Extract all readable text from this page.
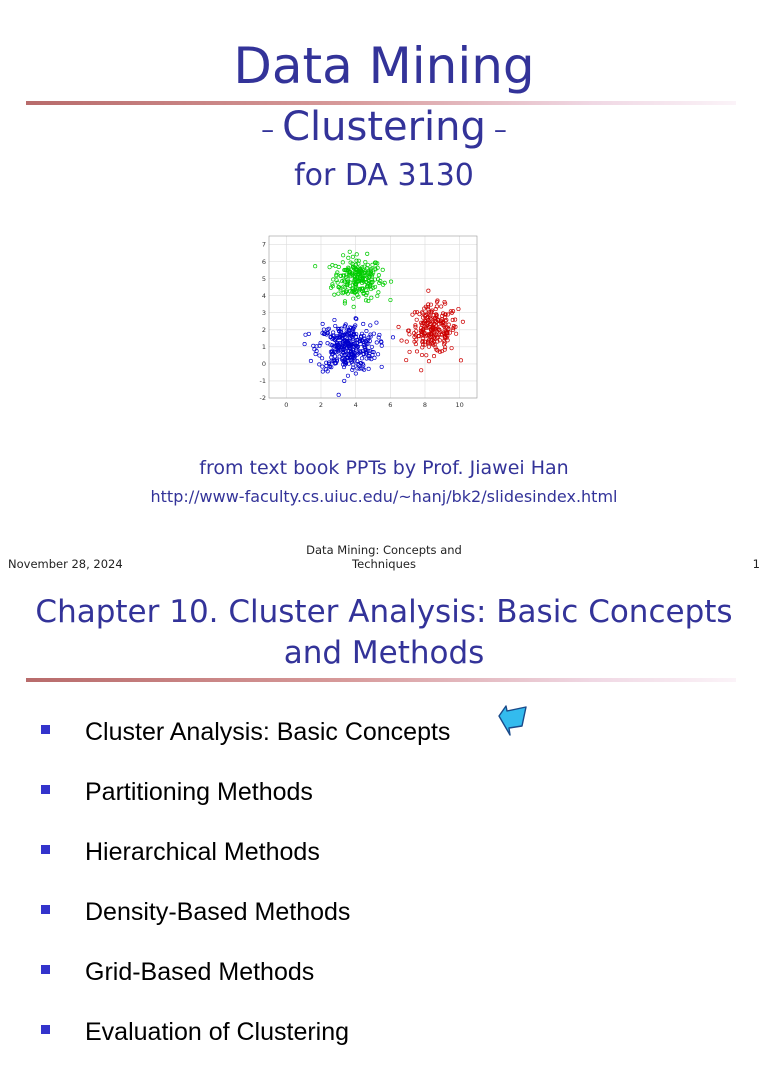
Data Mining
– Clustering –
for DA 3130
0	2	4	6	8	10
7
6
5
4
3
2
1
0
-1
-2
from text book PPTs by Prof. Jiawei Han
http://www-faculty.cs.uiuc.edu/~hanj/bk2/slidesindex.html
November 28, 2024
Data Mining: Concepts and Techniques	1
Chapter 10. Cluster Analysis: Basic Concepts and Methods
Cluster Analysis: Basic Concepts
Partitioning Methods
Hierarchical Methods
Density-Based Methods
Grid-Based Methods
Evaluation of Clustering
